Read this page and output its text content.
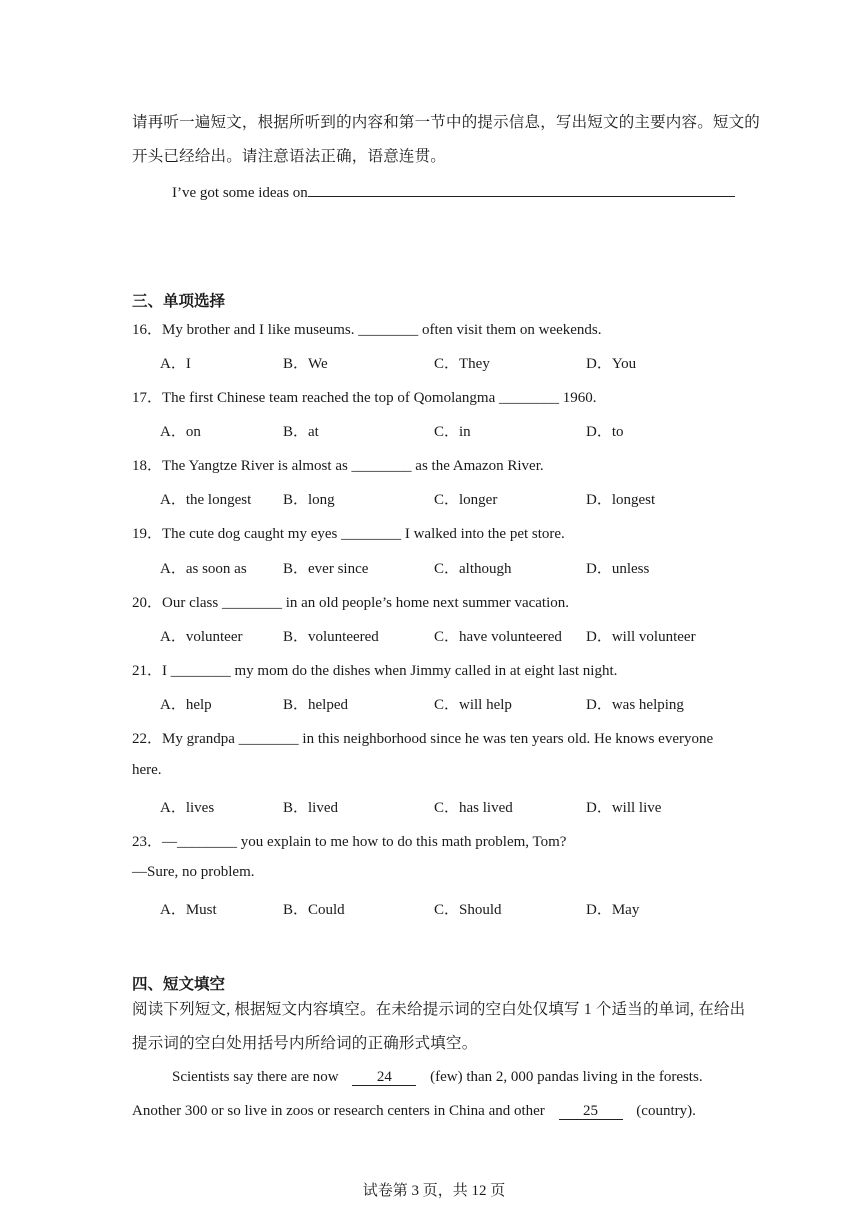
请再听一遍短文，根据所听到的内容和第一节中的提示信息，写出短文的主要内容。短文的
开头已经给出。请注意语法正确，语意连贯。
I’ve got some ideas on
三、单项选择
16．My brother and I like museums. ________ often visit them on weekends.
A．I	B．We	C．They	D．You
17．The first Chinese team reached the top of Qomolangma ________ 1960.
A．on	B．at	C．in	D．to
18．The Yangtze River is almost as ________ as the Amazon River.
A．the longest B．long	C．longer	D．longest
19．The cute dog caught my eyes ________ I walked into the pet store.
A．as soon as B．ever since	C．although	D．unless
20．Our class ________ in an old people’s home next summer vacation.
A．volunteer	B．volunteered	C．have volunteered D．will volunteer
21．I ________ my mom do the dishes when Jimmy called in at eight last night.
A．help	B．helped	C．will help	D．was helping
22．My grandpa ________ in this neighborhood since he was ten years old. He knows everyone
here.
A．lives	B．lived	C．has lived	D．will live
23．—________ you explain to me how to do this math problem, Tom?
—Sure, no problem.
A．Must	B．Could	C．Should	D．May
四、短文填空
阅读下列短文, 根据短文内容填空。在未给提示词的空白处仅填写 1 个适当的单词, 在给出
提示词的空白处用括号内所给词的正确形式填空。
Scientists say there are now	24	(few) than 2, 000 pandas living in the forests.
Another 300 or so live in zoos or research centers in China and other	25	(country).
试卷第 3 页，共 12 页
